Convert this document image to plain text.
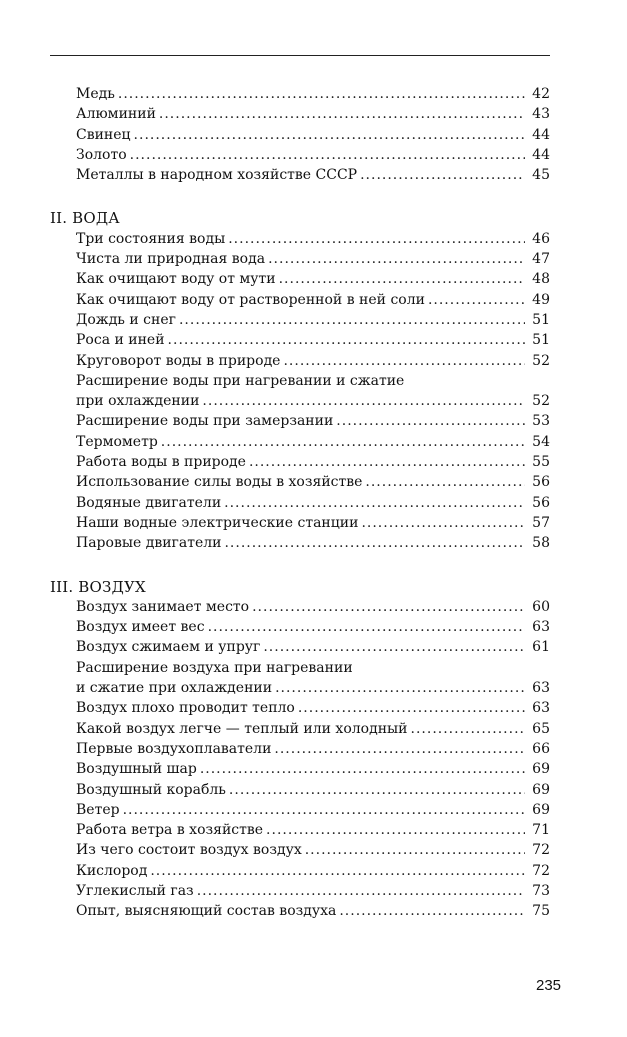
Медь .....	42
Алюминий .....	43
Свинец .....	44
Золото .....	44
Металлы в народном хозяйстве СССР .....	45
II. ВОДА
Три состояния воды .....	46
Чиста ли природная вода .....	47
Как очищают воду от мути .....	48
Как очищают воду от растворенной в ней соли .....	49
Дождь и снег .....	51
Роса и иней .....	51
Круговорот воды в природе .....	52
Расширение воды при нагревании и сжатие
при охлаждении .....	52
Расширение воды при замерзании .....	53
Термометр .....	54
Работа воды в природе .....	55
Использование силы воды в хозяйстве .....	56
Водяные двигатели .....	56
Наши водные электрические станции .....	57
Паровые двигатели .....	58
III. ВОЗДУХ
Воздух занимает место .....	60
Воздух имеет вес .....	63
Воздух сжимаем и упруг .....	61
Расширение воздуха при нагревании
и сжатие при охлаждении .....	63
Воздух плохо проводит тепло .....	63
Какой воздух легче — теплый или холодный .....	65
Первые воздухоплаватели .....	66
Воздушный шар .....	69
Воздушный корабль .....	69
Ветер .....	69
Работа ветра в хозяйстве .....	71
Из чего состоит воздух воздух .....	72
Кислород .....	72
Углекислый газ .....	73
Опыт, выясняющий состав воздуха .....	75
235
